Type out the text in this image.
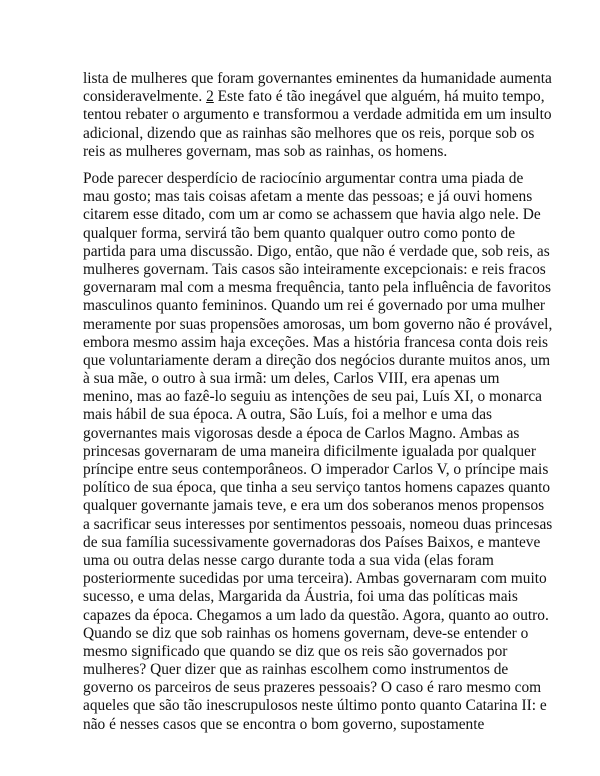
lista de mulheres que foram governantes eminentes da humanidade aumenta
consideravelmente. 2 Este fato é tão inegável que alguém, há muito tempo,
tentou rebater o argumento e transformou a verdade admitida em um insulto
adicional, dizendo que as rainhas são melhores que os reis, porque sob os
reis as mulheres governam, mas sob as rainhas, os homens.
Pode parecer desperdício de raciocínio argumentar contra uma piada de
mau gosto; mas tais coisas afetam a mente das pessoas; e já ouvi homens
citarem esse ditado, com um ar como se achassem que havia algo nele. De
qualquer forma, servirá tão bem quanto qualquer outro como ponto de
partida para uma discussão. Digo, então, que não é verdade que, sob reis, as
mulheres governam. Tais casos são inteiramente excepcionais: e reis fracos
governaram mal com a mesma frequência, tanto pela influência de favoritos
masculinos quanto femininos. Quando um rei é governado por uma mulher
meramente por suas propensões amorosas, um bom governo não é provável,
embora mesmo assim haja exceções. Mas a história francesa conta dois reis
que voluntariamente deram a direção dos negócios durante muitos anos, um
à sua mãe, o outro à sua irmã: um deles, Carlos VIII, era apenas um
menino, mas ao fazê-lo seguiu as intenções de seu pai, Luís XI, o monarca
mais hábil de sua época. A outra, São Luís, foi a melhor e uma das
governantes mais vigorosas desde a época de Carlos Magno. Ambas as
princesas governaram de uma maneira dificilmente igualada por qualquer
príncipe entre seus contemporâneos. O imperador Carlos V, o príncipe mais
político de sua época, que tinha a seu serviço tantos homens capazes quanto
qualquer governante jamais teve, e era um dos soberanos menos propensos
a sacrificar seus interesses por sentimentos pessoais, nomeou duas princesas
de sua família sucessivamente governadoras dos Países Baixos, e manteve
uma ou outra delas nesse cargo durante toda a sua vida (elas foram
posteriormente sucedidas por uma terceira). Ambas governaram com muito
sucesso, e uma delas, Margarida da Áustria, foi uma das políticas mais
capazes da época. Chegamos a um lado da questão. Agora, quanto ao outro.
Quando se diz que sob rainhas os homens governam, deve-se entender o
mesmo significado que quando se diz que os reis são governados por
mulheres? Quer dizer que as rainhas escolhem como instrumentos de
governo os parceiros de seus prazeres pessoais? O caso é raro mesmo com
aqueles que são tão inescrupulosos neste último ponto quanto Catarina II: e
não é nesses casos que se encontra o bom governo, supostamente
